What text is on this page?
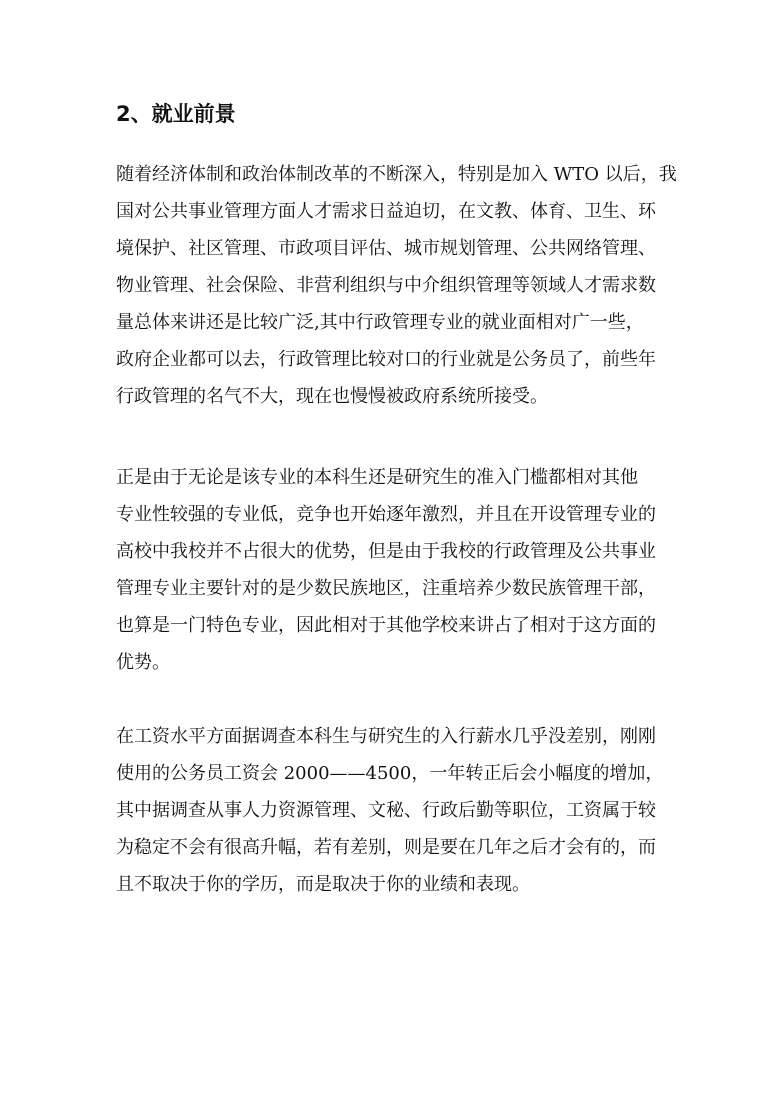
2、就业前景
随着经济体制和政治体制改革的不断深入，特别是加入 WTO 以后，我
国对公共事业管理方面人才需求日益迫切，在文教、体育、卫生、环
境保护、社区管理、市政项目评估、城市规划管理、公共网络管理、
物业管理、社会保险、非营利组织与中介组织管理等领域人才需求数
量总体来讲还是比较广泛,其中行政管理专业的就业面相对广一些，
政府企业都可以去，行政管理比较对口的行业就是公务员了，前些年
行政管理的名气不大，现在也慢慢被政府系统所接受。
正是由于无论是该专业的本科生还是研究生的准入门槛都相对其他
专业性较强的专业低，竞争也开始逐年激烈，并且在开设管理专业的
高校中我校并不占很大的优势，但是由于我校的行政管理及公共事业
管理专业主要针对的是少数民族地区，注重培养少数民族管理干部，
也算是一门特色专业，因此相对于其他学校来讲占了相对于这方面的
优势。
在工资水平方面据调查本科生与研究生的入行薪水几乎没差别，刚刚
使用的公务员工资会 2000——4500，一年转正后会小幅度的增加，
其中据调查从事人力资源管理、文秘、行政后勤等职位，工资属于较
为稳定不会有很高升幅，若有差别，则是要在几年之后才会有的，而
且不取决于你的学历，而是取决于你的业绩和表现。
